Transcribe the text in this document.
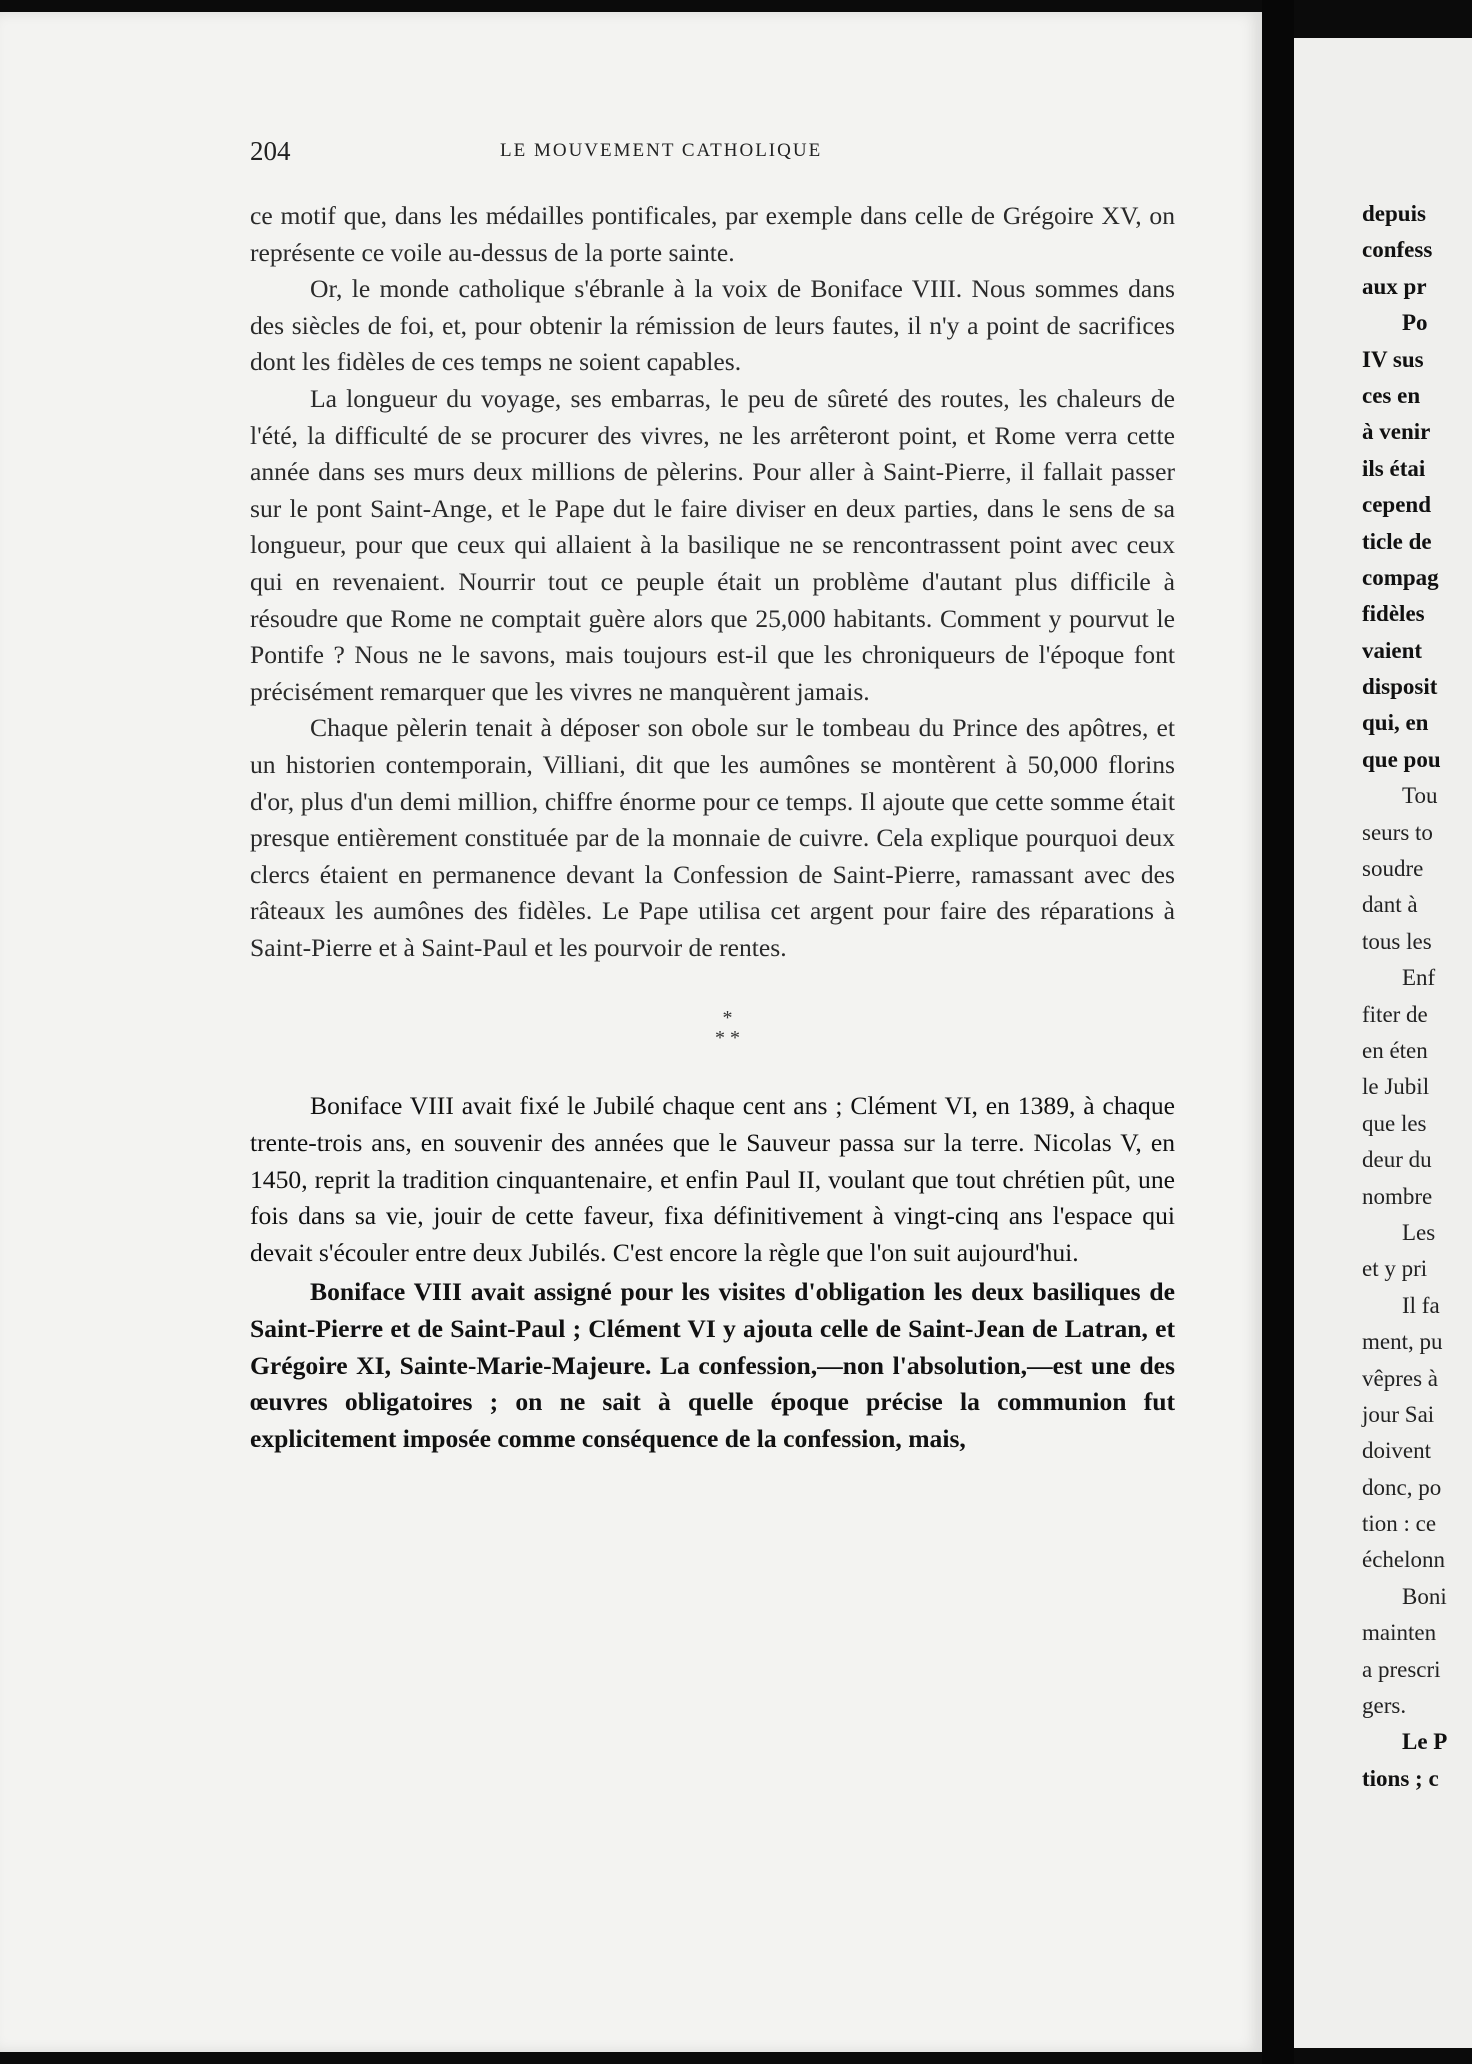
204	LE MOUVEMENT CATHOLIQUE

ce motif que, dans les médailles pontificales, par exemple dans celle de Grégoire XV, on représente ce voile au-dessus de la porte sainte.

Or, le monde catholique s'ébranle à la voix de Boniface VIII. Nous sommes dans des siècles de foi, et, pour obtenir la rémission de leurs fautes, il n'y a point de sacrifices dont les fidèles de ces temps ne soient capables.

La longueur du voyage, ses embarras, le peu de sûreté des routes, les chaleurs de l'été, la difficulté de se procurer des vivres, ne les arrêteront point, et Rome verra cette année dans ses murs deux millions de pèlerins. Pour aller à Saint-Pierre, il fallait passer sur le pont Saint-Ange, et le Pape dut le faire diviser en deux parties, dans le sens de sa longueur, pour que ceux qui allaient à la basilique ne se rencontrassent point avec ceux qui en revenaient. Nourrir tout ce peuple était un problème d'autant plus difficile à résoudre que Rome ne comptait guère alors que 25,000 habitants. Comment y pourvut le Pontife ? Nous ne le savons, mais toujours est-il que les chroniqueurs de l'époque font précisément remarquer que les vivres ne manquèrent jamais.

Chaque pèlerin tenait à déposer son obole sur le tombeau du Prince des apôtres, et un historien contemporain, Villiani, dit que les aumônes se montèrent à 50,000 florins d'or, plus d'un demi million, chiffre énorme pour ce temps. Il ajoute que cette somme était presque entièrement constituée par de la monnaie de cuivre. Cela explique pourquoi deux clercs étaient en permanence devant la Confession de Saint-Pierre, ramassant avec des râteaux les aumônes des fidèles. Le Pape utilisa cet argent pour faire des réparations à Saint-Pierre et à Saint-Paul et les pourvoir de rentes.

*
* *

Boniface VIII avait fixé le Jubilé chaque cent ans ; Clément VI, en 1389, à chaque trente-trois ans, en souvenir des années que le Sauveur passa sur la terre. Nicolas V, en 1450, reprit la tradition cinquantenaire, et enfin Paul II, voulant que tout chrétien pût, une fois dans sa vie, jouir de cette faveur, fixa définitivement à vingt-cinq ans l'espace qui devait s'écouler entre deux Jubilés. C'est encore la règle que l'on suit aujourd'hui.

Boniface VIII avait assigné pour les visites d'obligation les deux basiliques de Saint-Pierre et de Saint-Paul ; Clément VI y ajouta celle de Saint-Jean de Latran, et Grégoire XI, Sainte-Marie-Majeure. La confession,—non l'absolution,—est une des œuvres obligatoires ; on ne sait à quelle époque précise la communion fut explicitement imposée comme conséquence de la confession, mais,

depuis
confess
aux pr
Po
IV sus
ces en
à venir
ils étai
cepend
ticle de
compag
fidèles
vaient
disposit
qui, en
que pou
Tou
seurs to
soudre
dant à
tous les
Enf
fiter de
en éten
le Jubil
que les
deur du
nombre
Les
et y pri
Il fa
ment, pu
vêpres à
jour Sai
doivent
donc, po
tion : ce
échelonn
Boni
mainten
a prescri
gers.
Le P
tions ; c
